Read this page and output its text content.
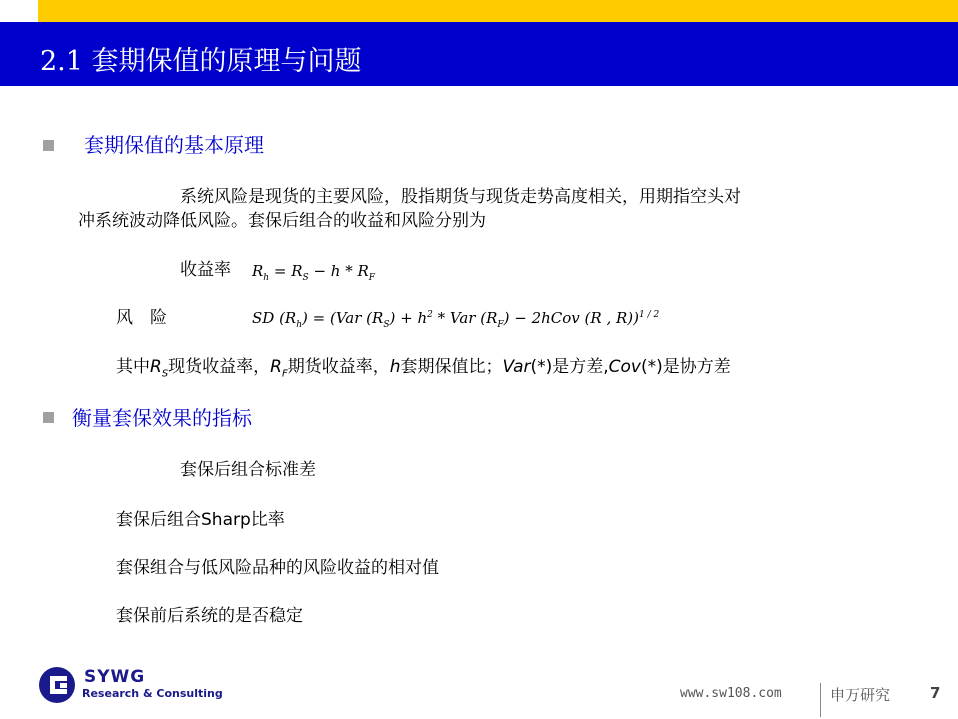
2.1 套期保值的原理与问题
套期保值的基本原理
系统风险是现货的主要风险，股指期货与现货走势高度相关，用期指空头对
冲系统波动降低风险。套保后组合的收益和风险分别为
收益率 $R_h = R_S - h * R_F$
风　险	SD $(R_h) = (Var$ $(R_S) + h^2$ * Var $(R_F)$ − 2hCov (R , R))$^{1 / 2}$
其中$R_S$现货收益率，$R_F$期货收益率，h套期保值比；Var(*)是方差,Cov(*)是协方差
衡量套保效果的指标
套保后组合标准差
套保后组合Sharp比率
套保组合与低风险品种的风险收益的相对值
套保前后系统的是否稳定
SYWG
Research & Consulting	www.sw108.com	申万研究	7
